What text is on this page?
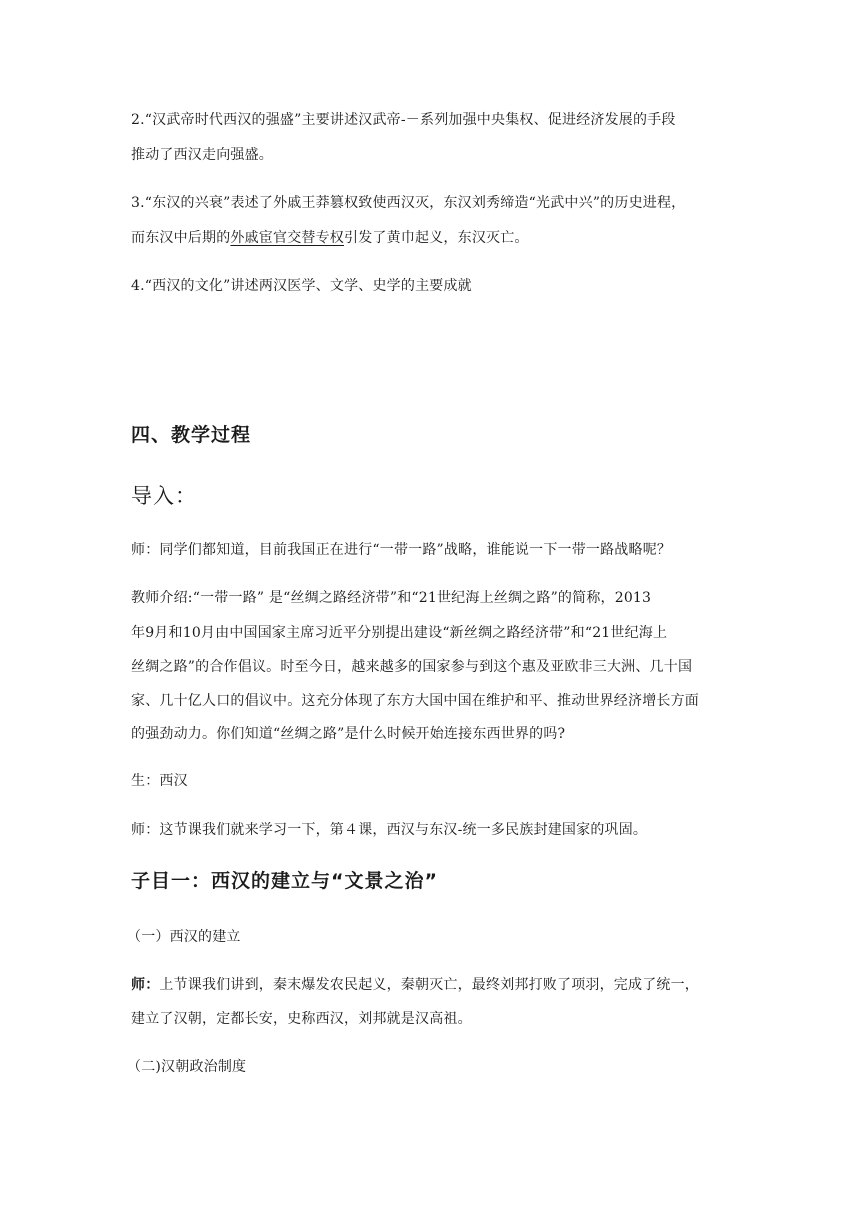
2.“汉武帝时代西汉的强盛”主要讲述汉武帝-－系列加强中央集权、促进经济发展的手段
推动了西汉走向强盛。
3.“东汉的兴衰”表述了外戚王莽篡权致使西汉灭，东汉刘秀缔造“光武中兴”的历史进程，
而东汉中后期的外戚宦官交替专权引发了黄巾起义，东汉灭亡。
4.“西汉的文化”讲述两汉医学、文学、史学的主要成就
四、教学过程
导入：
师：同学们都知道，目前我国正在进行“一带一路”战略，谁能说一下一带一路战略呢？
教师介绍:“一带一路” 是“丝绸之路经济带”和“21世纪海上丝绸之路”的简称，2013
年9月和10月由中国国家主席习近平分别提出建设“新丝绸之路经济带”和“21世纪海上
丝绸之路”的合作倡议。时至今日，越来越多的国家参与到这个惠及亚欧非三大洲、几十国
家、几十亿人口的倡议中。这充分体现了东方大国中国在维护和平、推动世界经济增长方面
的强劲动力。你们知道“丝绸之路”是什么时候开始连接东西世界的吗?
生：西汉
师：这节课我们就来学习一下，第４课，西汉与东汉-统一多民族封建国家的巩固。
子目一：西汉的建立与“文景之治”
（一）西汉的建立
师：上节课我们讲到，秦末爆发农民起义，秦朝灭亡，最终刘邦打败了项羽，完成了统一，
建立了汉朝，定都长安，史称西汉，刘邦就是汉高祖。
（二)汉朝政治制度
